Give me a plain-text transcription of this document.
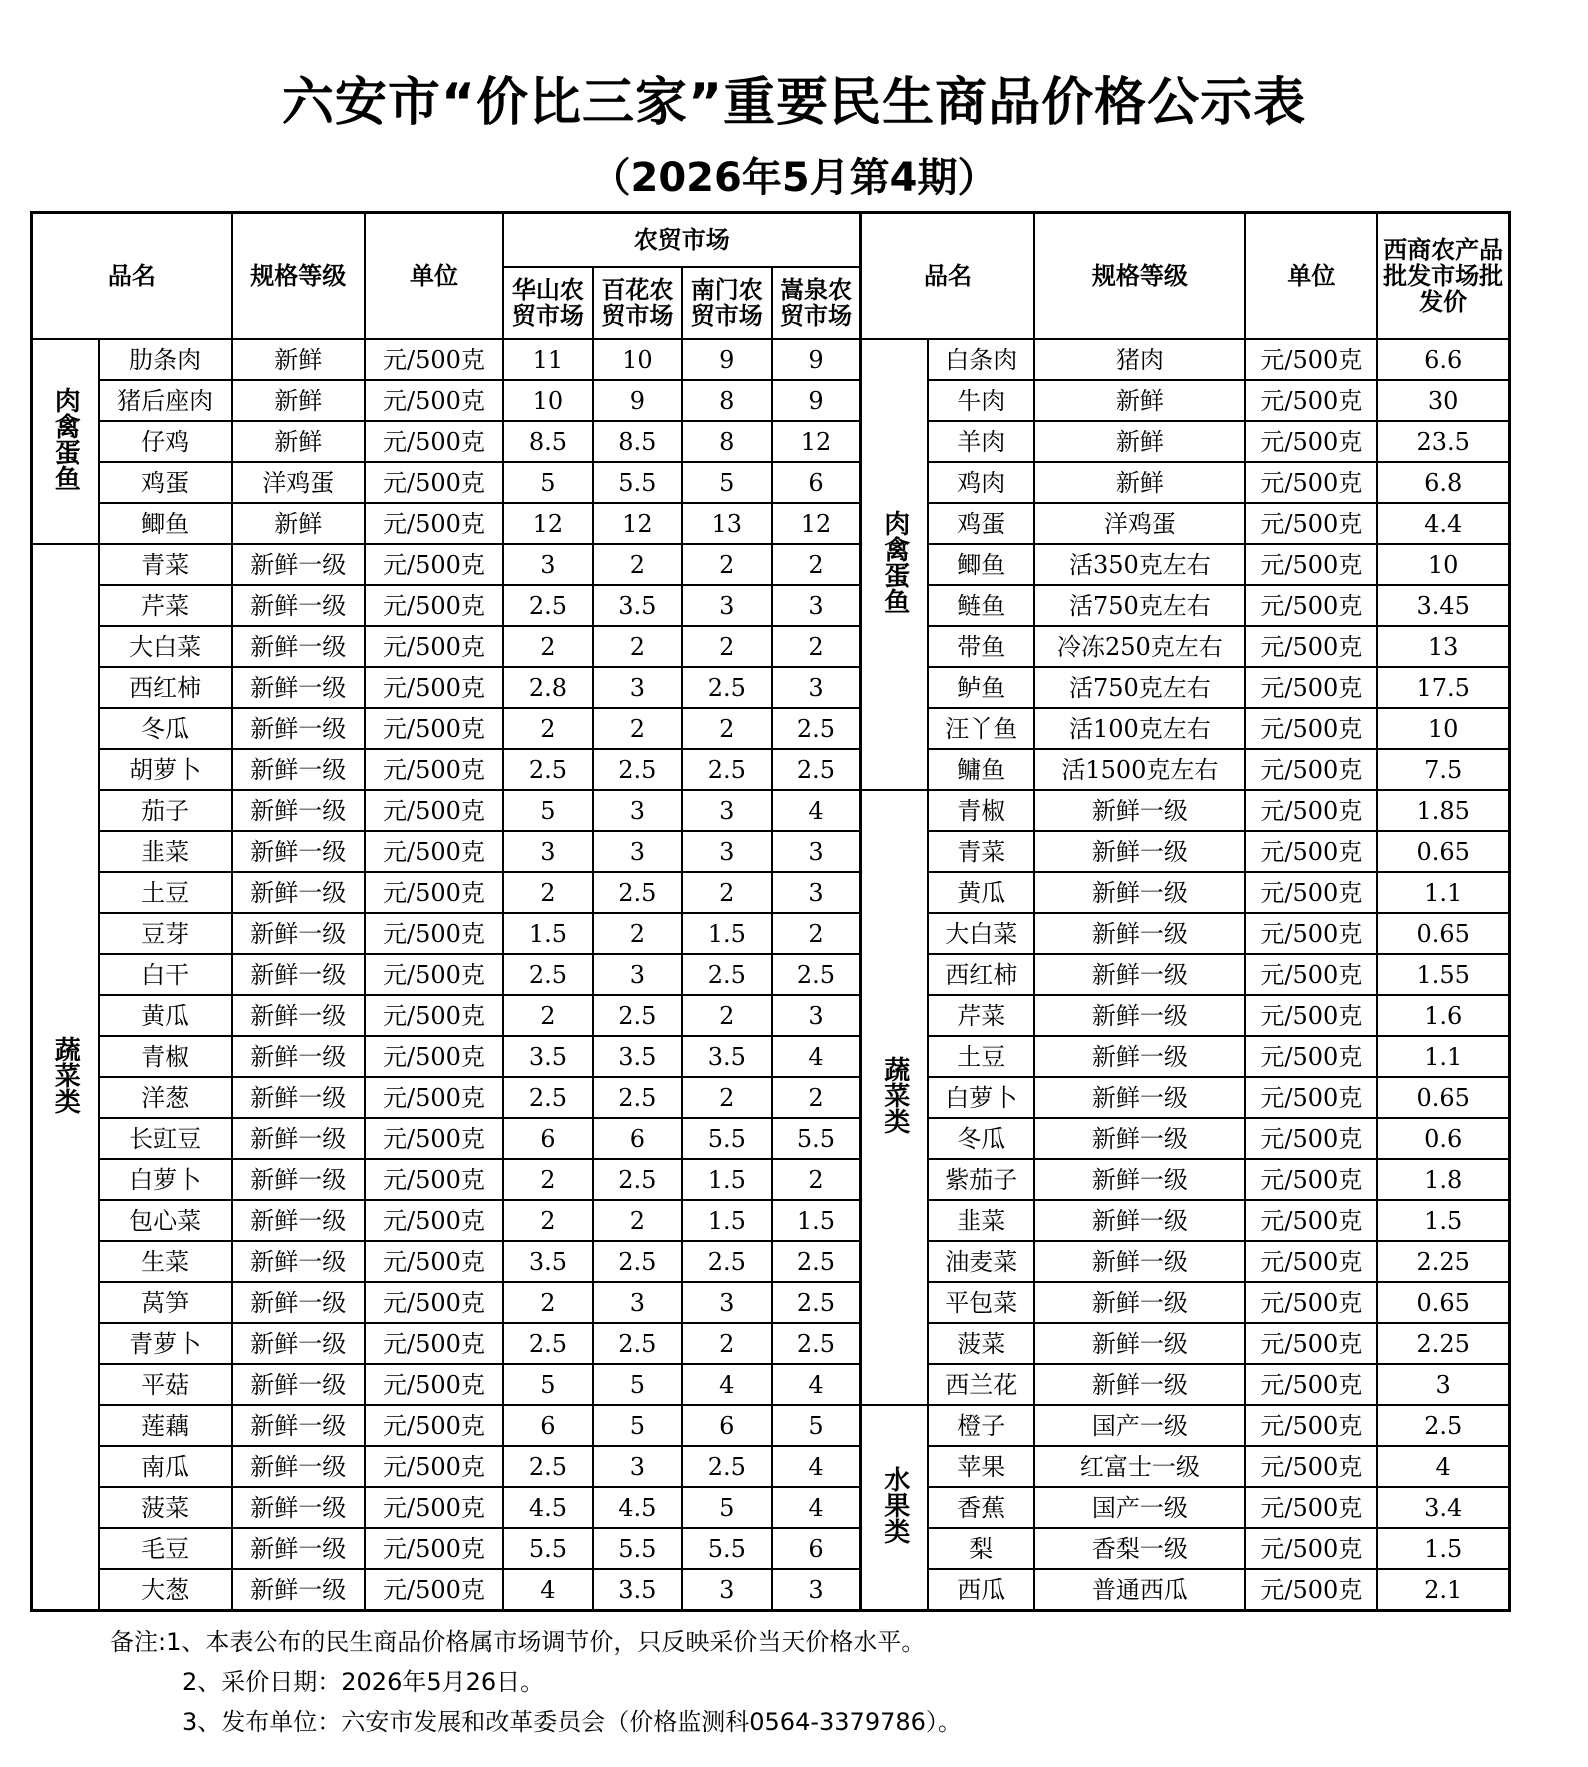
六安市“价比三家”重要民生商品价格公示表
（2026年5月第4期）
品名		规格等级	单位	农贸市场				品名		规格等级	单位	西商农产品批发市场批发价
				华山农贸市场	百花农贸市场	南门农贸市场	嵩泉农贸市场					
肉禽蛋鱼	肋条肉	新鲜	元/500克	11	10	9	9	肉禽蛋鱼	白条肉	猪肉	元/500克	6.6
	猪后座肉	新鲜	元/500克	10	9	8	9		牛肉	新鲜	元/500克	30
	仔鸡	新鲜	元/500克	8.5	8.5	8	12		羊肉	新鲜	元/500克	23.5
	鸡蛋	洋鸡蛋	元/500克	5	5.5	5	6		鸡肉	新鲜	元/500克	6.8
	鲫鱼	新鲜	元/500克	12	12	13	12		鸡蛋	洋鸡蛋	元/500克	4.4
蔬菜类	青菜	新鲜一级	元/500克	3	2	2	2		鲫鱼	活350克左右	元/500克	10
	芹菜	新鲜一级	元/500克	2.5	3.5	3	3		鲢鱼	活750克左右	元/500克	3.45
	大白菜	新鲜一级	元/500克	2	2	2	2		带鱼	冷冻250克左右	元/500克	13
	西红柿	新鲜一级	元/500克	2.8	3	2.5	3		鲈鱼	活750克左右	元/500克	17.5
	冬瓜	新鲜一级	元/500克	2	2	2	2.5		汪丫鱼	活100克左右	元/500克	10
	胡萝卜	新鲜一级	元/500克	2.5	2.5	2.5	2.5		鳙鱼	活1500克左右	元/500克	7.5
	茄子	新鲜一级	元/500克	5	3	3	4	蔬菜类	青椒	新鲜一级	元/500克	1.85
	韭菜	新鲜一级	元/500克	3	3	3	3		青菜	新鲜一级	元/500克	0.65
	土豆	新鲜一级	元/500克	2	2.5	2	3		黄瓜	新鲜一级	元/500克	1.1
	豆芽	新鲜一级	元/500克	1.5	2	1.5	2		大白菜	新鲜一级	元/500克	0.65
	白干	新鲜一级	元/500克	2.5	3	2.5	2.5		西红柿	新鲜一级	元/500克	1.55
	黄瓜	新鲜一级	元/500克	2	2.5	2	3		芹菜	新鲜一级	元/500克	1.6
	青椒	新鲜一级	元/500克	3.5	3.5	3.5	4		土豆	新鲜一级	元/500克	1.1
	洋葱	新鲜一级	元/500克	2.5	2.5	2	2		白萝卜	新鲜一级	元/500克	0.65
	长豇豆	新鲜一级	元/500克	6	6	5.5	5.5		冬瓜	新鲜一级	元/500克	0.6
	白萝卜	新鲜一级	元/500克	2	2.5	1.5	2		紫茄子	新鲜一级	元/500克	1.8
	包心菜	新鲜一级	元/500克	2	2	1.5	1.5		韭菜	新鲜一级	元/500克	1.5
	生菜	新鲜一级	元/500克	3.5	2.5	2.5	2.5		油麦菜	新鲜一级	元/500克	2.25
	莴笋	新鲜一级	元/500克	2	3	3	2.5		平包菜	新鲜一级	元/500克	0.65
	青萝卜	新鲜一级	元/500克	2.5	2.5	2	2.5		菠菜	新鲜一级	元/500克	2.25
	平菇	新鲜一级	元/500克	5	5	4	4		西兰花	新鲜一级	元/500克	3
	莲藕	新鲜一级	元/500克	6	5	6	5	水果类	橙子	国产一级	元/500克	2.5
	南瓜	新鲜一级	元/500克	2.5	3	2.5	4		苹果	红富士一级	元/500克	4
	菠菜	新鲜一级	元/500克	4.5	4.5	5	4		香蕉	国产一级	元/500克	3.4
	毛豆	新鲜一级	元/500克	5.5	5.5	5.5	6		梨	香梨一级	元/500克	1.5
	大葱	新鲜一级	元/500克	4	3.5	3	3		西瓜	普通西瓜	元/500克	2.1
备注:1、本表公布的民生商品价格属市场调节价，只反映采价当天价格水平。
2、采价日期：2026年5月26日。
3、发布单位：六安市发展和改革委员会（价格监测科0564-3379786）。
